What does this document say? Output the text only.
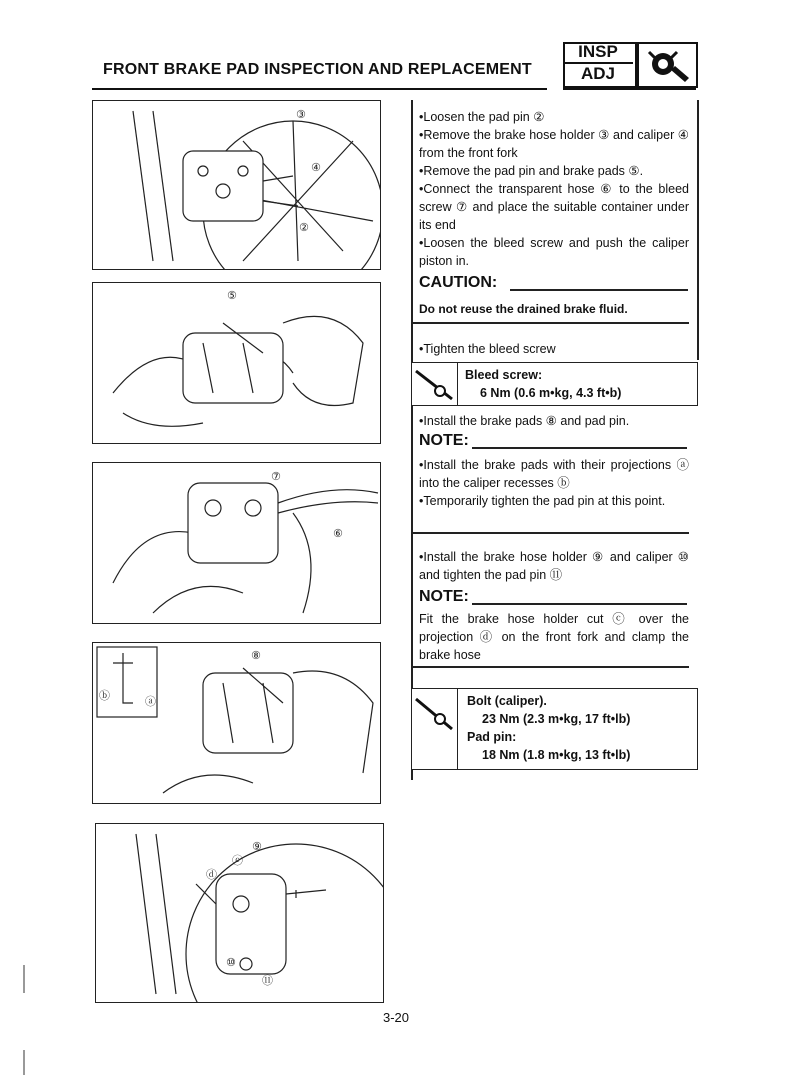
FRONT BRAKE PAD INSPECTION AND REPLACEMENT
INSP
ADJ
③
④
②
⑤
⑦
⑥
⑧
ⓑ	ⓐ
ⓒ
⑨
ⓓ
⑩
⑪
• Loosen the pad pin ②
• Remove the brake hose holder ③ and caliper ④ from the front fork
• Remove the pad pin and brake pads ⑤.
• Connect the transparent hose ⑥ to the bleed screw ⑦ and place the suitable container under its end
• Loosen the bleed screw and push the caliper piston in.
CAUTION:
Do not reuse the drained brake fluid.
• Tighten the bleed screw
Bleed screw:
6 Nm (0.6 m•kg, 4.3 ft•b)
• Install the brake pads ⑧ and pad pin.
NOTE:
• Install the brake pads with their projections ⓐ into the caliper recesses ⓑ
• Temporarily tighten the pad pin at this point.
• Install the brake hose holder ⑨ and caliper ⑩ and tighten the pad pin ⑪
NOTE:
Fit the brake hose holder cut ⓒ over the projection ⓓ on the front fork and clamp the brake hose
Bolt (caliper).
23 Nm (2.3 m•kg, 17 ft•lb)
Pad pin:
18 Nm (1.8 m•kg, 13 ft•lb)
3-20
